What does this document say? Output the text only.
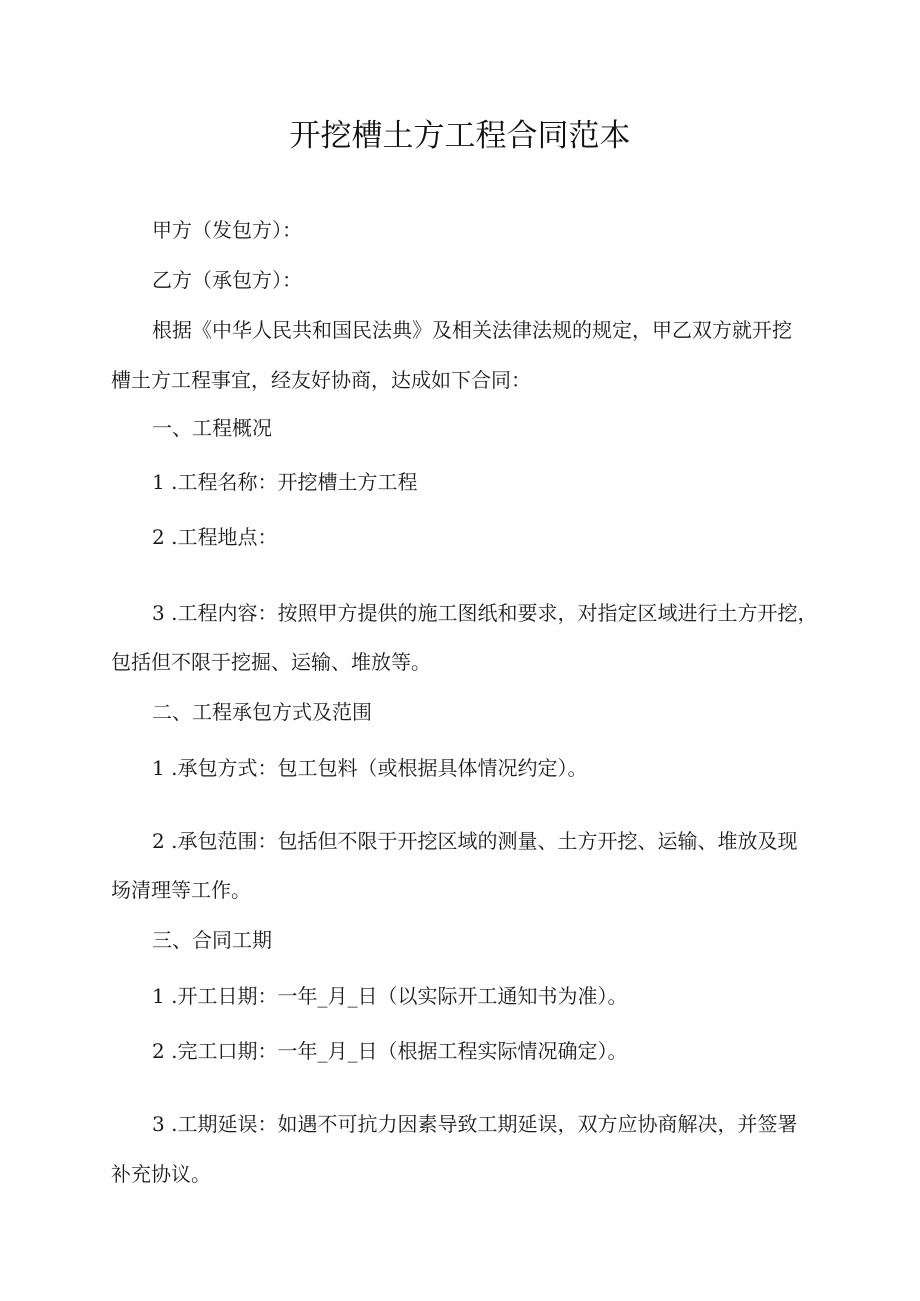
开挖槽土方工程合同范本

甲方（发包方）：

乙方（承包方）：

根据《中华人民共和国民法典》及相关法律法规的规定，甲乙双方就开挖

槽土方工程事宜，经友好协商，达成如下合同：

一、工程概况

1 .工程名称：开挖槽土方工程

2 .工程地点：

3 .工程内容：按照甲方提供的施工图纸和要求，对指定区域进行土方开挖，

包括但不限于挖掘、运输、堆放等。

二、工程承包方式及范围

1 .承包方式：包工包料（或根据具体情况约定）。

2 .承包范围：包括但不限于开挖区域的测量、土方开挖、运输、堆放及现

场清理等工作。

三、合同工期

1 .开工日期：一年_月_日（以实际开工通知书为准）。

2 .完工口期：一年_月_日（根据工程实际情况确定）。

3 .工期延误：如遇不可抗力因素导致工期延误，双方应协商解决，并签署

补充协议。
